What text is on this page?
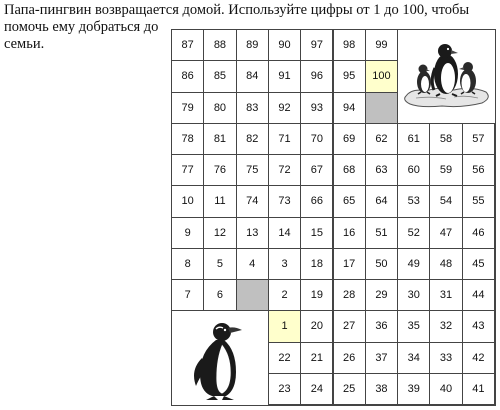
Папа-пингвин возвращается домой. Используйте цифры от 1 до 100, чтобы
помочь ему добраться до семьи.

41
40
39
38
25
24
23
42
33
34
37
26
21
22
43
32
35
36
27
20
1
44
31
30
29
28
19
2
6
7
45
48
49
50
17
18
3
4
5
8
46
47
52
51
16
15
14
13
12
9
55
54
53
64
65
66
73
74
11
10
56
59
60
63
68
67
72
75
76
77
57
58
61
62
69
70
71
82
81
78
94
93
92
83
80
79
100
95
96
91
84
85
86
99
98
97
90
89
88
87
